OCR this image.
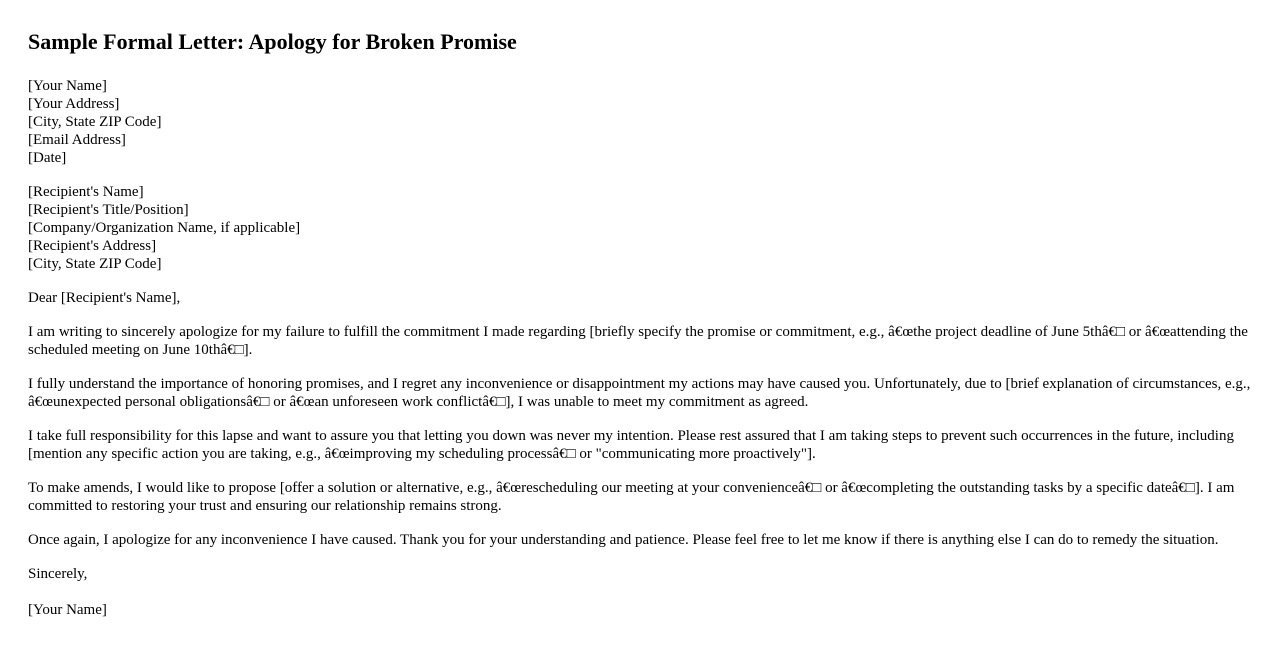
Sample Formal Letter: Apology for Broken Promise
[Your Name]
[Your Address]
[City, State ZIP Code]
[Email Address]
[Date]
[Recipient's Name]
[Recipient's Title/Position]
[Company/Organization Name, if applicable]
[Recipient's Address]
[City, State ZIP Code]

Dear [Recipient's Name],

I am writing to sincerely apologize for my failure to fulfill the commitment I made regarding [briefly specify the promise or commitment, e.g., â€œthe project deadline of June 5thâ€□ or â€œattending the scheduled meeting on June 10thâ€□].

I fully understand the importance of honoring promises, and I regret any inconvenience or disappointment my actions may have caused you. Unfortunately, due to [brief explanation of circumstances, e.g., â€œunexpected personal obligationsâ€□ or â€œan unforeseen work conflictâ€□], I was unable to meet my commitment as agreed.

I take full responsibility for this lapse and want to assure you that letting you down was never my intention. Please rest assured that I am taking steps to prevent such occurrences in the future, including [mention any specific action you are taking, e.g., â€œimproving my scheduling processâ€□ or "communicating more proactively"].

To make amends, I would like to propose [offer a solution or alternative, e.g., â€œrescheduling our meeting at your convenienceâ€□ or â€œcompleting the outstanding tasks by a specific dateâ€□]. I am committed to restoring your trust and ensuring our relationship remains strong.

Once again, I apologize for any inconvenience I have caused. Thank you for your understanding and patience. Please feel free to let me know if there is anything else I can do to remedy the situation.

Sincerely,

[Your Name]
